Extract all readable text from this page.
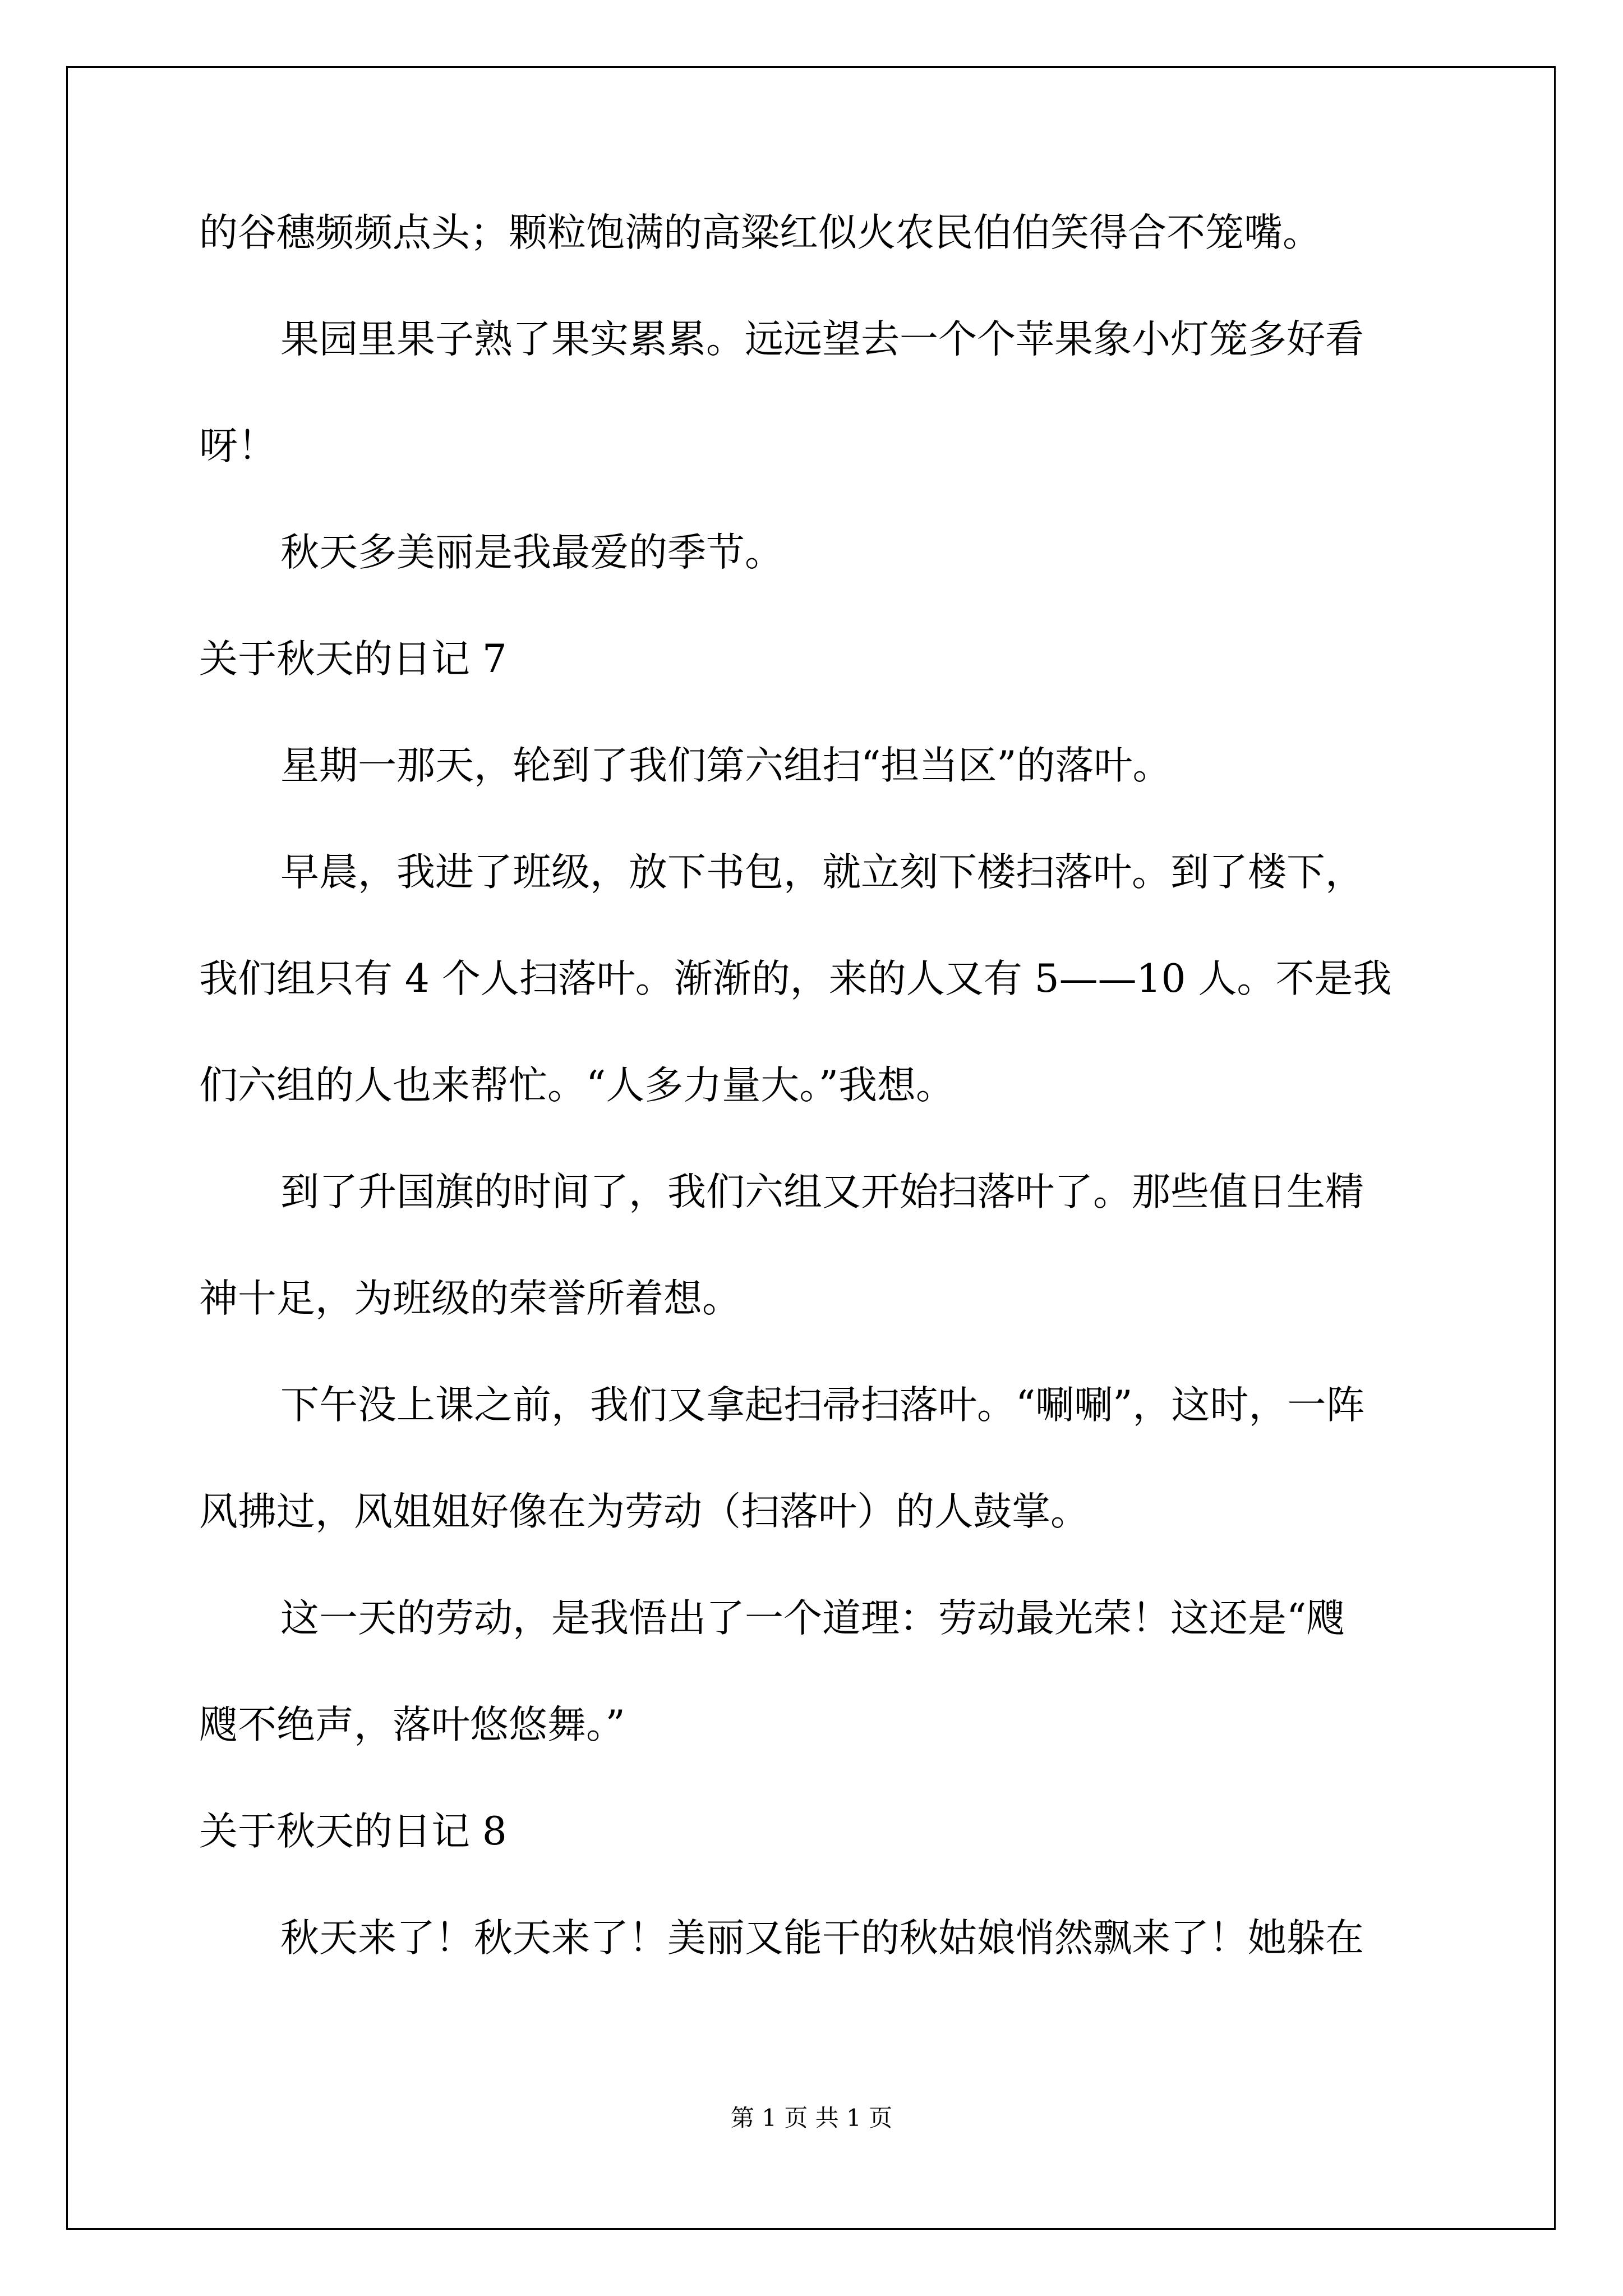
的谷穗频频点头；颗粒饱满的高粱红似火农民伯伯笑得合不笼嘴。
果园里果子熟了果实累累。远远望去一个个苹果象小灯笼多好看
呀！
秋天多美丽是我最爱的季节。
关于秋天的日记 7
星期一那天，轮到了我们第六组扫“担当区”的落叶。
早晨，我进了班级，放下书包，就立刻下楼扫落叶。到了楼下，
我们组只有 4 个人扫落叶。渐渐的，来的人又有 5——10 人。不是我
们六组的人也来帮忙。“人多力量大。”我想。
到了升国旗的时间了，我们六组又开始扫落叶了。那些值日生精
神十足，为班级的荣誉所着想。
下午没上课之前，我们又拿起扫帚扫落叶。“唰唰”，这时，一阵
风拂过，风姐姐好像在为劳动（扫落叶）的人鼓掌。
这一天的劳动，是我悟出了一个道理：劳动最光荣！这还是“飕
飕不绝声，落叶悠悠舞。”
关于秋天的日记 8
秋天来了！秋天来了！美丽又能干的秋姑娘悄然飘来了！她躲在
第 1 页 共 1 页
